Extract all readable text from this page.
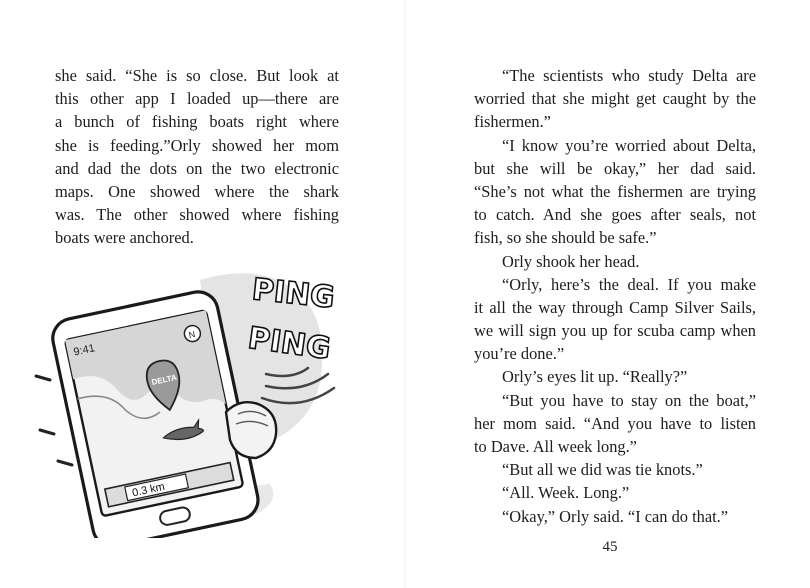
she said. “She is so close. But look at
this other app I loaded up—there are
a bunch of fishing boats right where
she is feeding.”Orly showed her mom
and dad the dots on the two electronic
maps. One showed where the shark
was. The other showed where fishing
boats were anchored.
9:41
N
DELTA
0.3 km
PING
PING
“The scientists who study Delta are
worried that she might get caught by the
fishermen.”
“I know you’re worried about Delta,
but she will be okay,” her dad said.
“She’s not what the fishermen are trying
to catch. And she goes after seals, not
fish, so she should be safe.”
Orly shook her head.
“Orly, here’s the deal. If you make
it all the way through Camp Silver Sails,
we will sign you up for scuba camp when
you’re done.”
Orly’s eyes lit up. “Really?”
“But you have to stay on the boat,”
her mom said. “And you have to listen
to Dave. All week long.”
“But all we did was tie knots.”
“All. Week. Long.”
“Okay,” Orly said. “I can do that.”
45
